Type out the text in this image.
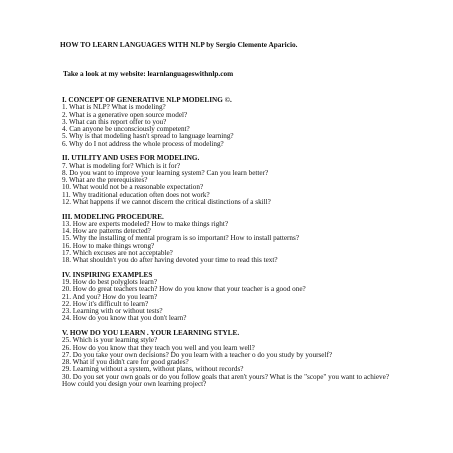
HOW TO LEARN LANGUAGES WITH NLP by Sergio Clemente Aparicio.
Take a look at my website: learnlanguageswithnlp.com
I. CONCEPT OF GENERATIVE NLP MODELING ©.
1. What is NLP? What is modeling?
2. What is a generative open source model?
3. What can this report offer to you?
4. Can anyone be unconsciously competent?
5. Why is that modeling hasn't spread to language learning?
6. Why do I not address the whole process of modeling?
II. UTILITY AND USES FOR MODELING.
7. What is modeling for? Which is it for?
8. Do you want to improve your learning system? Can you learn better?
9. What are the prerequisites?
10. What would not be a reasonable expectation?
11. Why traditional education often does not work?
12. What happens if we cannot discern the critical distinctions of a skill?
III. MODELING PROCEDURE.
13. How are experts modeled? How to make things right?
14. How are patterns detected?
15. Why the installing of mental program is so important? How to install patterns?
16. How to make things wrong?
17. Which excuses are not acceptable?
18. What shouldn't you do after having devoted your time to read this text?
IV. INSPIRING EXAMPLES
19. How do best polyglots learn?
20. How do great teachers teach? How do you know that your teacher is a good one?
21. And you? How do you learn?
22. How it's difficult to learn?
23. Learning with or without tests?
24. How do you know that you don't learn?
V. HOW DO YOU LEARN . YOUR LEARNING STYLE.
25. Which is your learning style?
26. How do you know that they teach you well and you learn well?
27. Do you take your own decisions? Do you learn with a teacher o do you study by yourself?
28. What if you didn't care for good grades?
29. Learning without a system, without plans, without records?
30. Do you set your own goals or do you follow goals that aren't yours? What is the "scope" you want to achieve? How could you design your own learning project?
